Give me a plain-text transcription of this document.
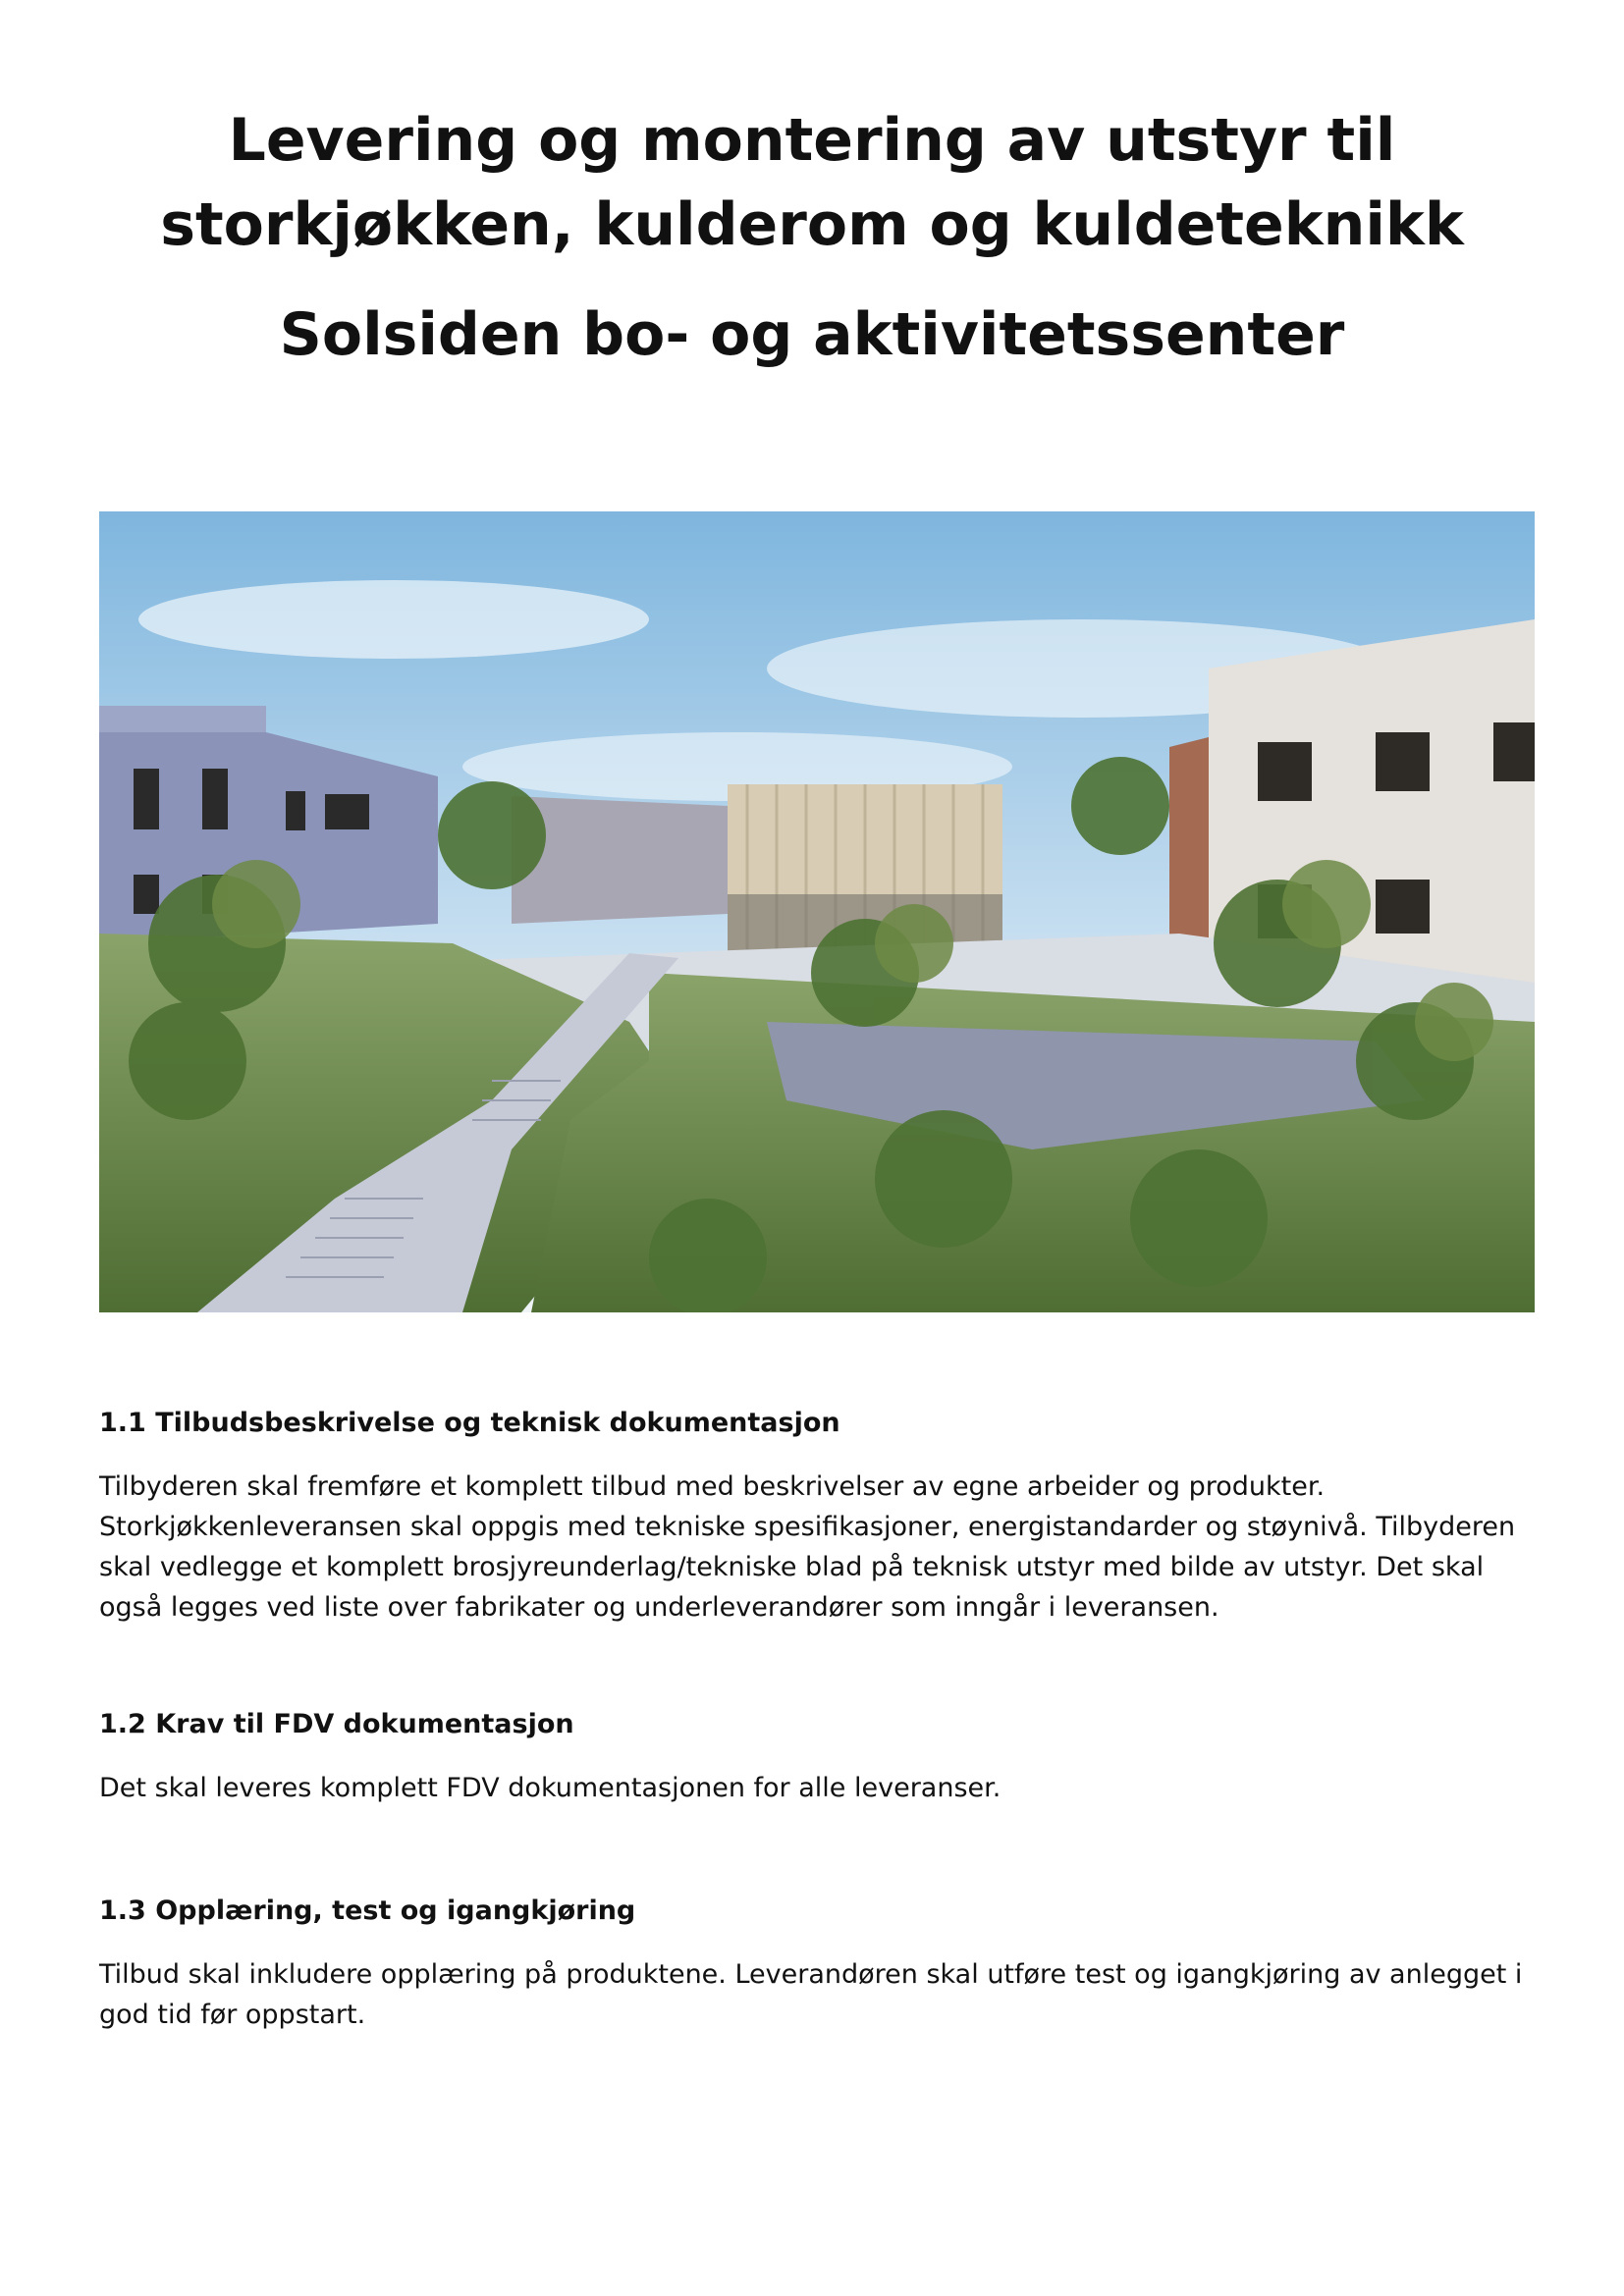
Levering og montering av utstyr til storkjøkken, kulderom og kuldeteknikk
Solsiden bo- og aktivitetssenter
1.1 Tilbudsbeskrivelse og teknisk dokumentasjon

Tilbyderen skal fremføre et komplett tilbud med beskrivelser av egne arbeider og produkter. Storkjøkkenleveransen skal oppgis med tekniske spesifikasjoner, energistandarder og støynivå. Tilbyderen skal vedlegge et komplett brosjyreunderlag/tekniske blad på teknisk utstyr med bilde av utstyr. Det skal også legges ved liste over fabrikater og underleverandører som inngår i leveransen.

1.2 Krav til FDV dokumentasjon

Det skal leveres komplett FDV dokumentasjonen for alle leveranser.

1.3 Opplæring, test og igangkjøring

Tilbud skal inkludere opplæring på produktene. Leverandøren skal utføre test og igangkjøring av anlegget i god tid før oppstart.
